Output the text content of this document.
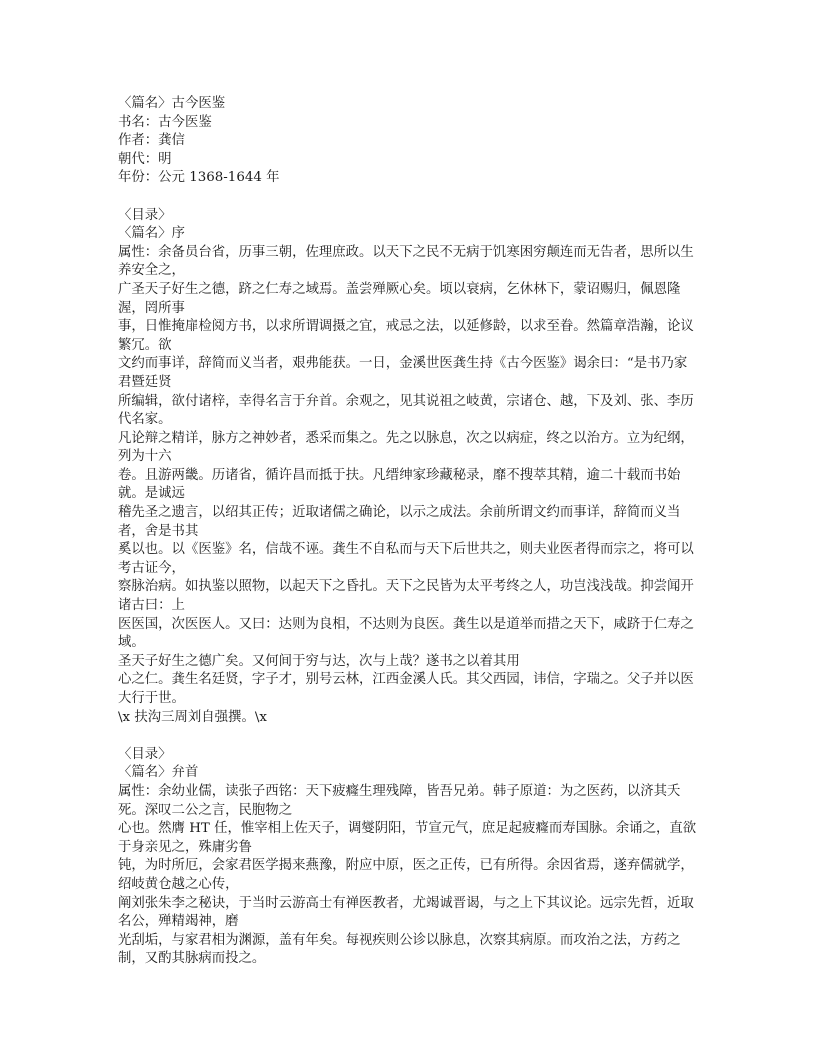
〈篇名〉古今医鉴
书名：古今医鉴
作者：龚信
朝代：明
年份：公元 1368-1644 年
〈目录〉
〈篇名〉序
属性：余备员台省，历事三朝，佐理庶政。以天下之民不无病于饥寒困穷颠连而无告者，思所以生养安全之，
广圣天子好生之德，跻之仁寿之域焉。盖尝殚厥心矣。顷以衰病，乞休林下，蒙诏赐归，佩恩隆渥，罔所事
事，日惟掩扉检阅方书，以求所谓调摄之宜，戒忌之法，以延修龄，以求至眷。然篇章浩瀚，论议繁冗。欲
文约而事详，辞简而义当者，艰弗能获。一日，金溪世医龚生持《古今医鉴》谒余曰：“是书乃家君暨廷贤
所编辑，欲付诸梓，幸得名言于弁首。余观之，见其说祖之岐黄，宗诸仓、越，下及刘、张、李历代名家。
凡论辩之精详，脉方之神妙者，悉采而集之。先之以脉息，次之以病症，终之以治方。立为纪纲，列为十六
卷。且游两畿。历诸省，循许昌而抵于扶。凡缙绅家珍藏秘录，靡不搜萃其精，逾二十载而书始就。是诚远
稽先圣之遗言，以绍其正传；近取诸儒之确论，以示之成法。余前所谓文约而事详，辞简而义当者，舍是书其
奚以也。以《医鉴》名，信哉不诬。龚生不自私而与天下后世共之，则夫业医者得而宗之，将可以考古证今，
察脉治病。如执鉴以照物，以起天下之昏扎。天下之民皆为太平考终之人，功岂浅浅哉。抑尝闻开诸古曰：上
医医国，次医医人。又曰：达则为良相，不达则为良医。龚生以是道举而措之天下，咸跻于仁寿之域。
圣天子好生之德广矣。又何间于穷与达，次与上哉？遂书之以着其用
心之仁。龚生名廷贤，字子才，别号云林，江西金溪人氏。其父西园，讳信，字瑞之。父子并以医大行于世。
\x 扶沟三周刘自强撰。\x
〈目录〉
〈篇名〉弁首
属性：余幼业儒，读张子西铭：天下疲癃生理残障，皆吾兄弟。韩子原道：为之医药，以济其夭死。深叹二公之言，民胞物之
心也。然膺 HT 任，惟宰相上佐天子，调燮阴阳，节宣元气，庶足起疲癃而寿国脉。余诵之，直欲于身亲见之，殊庸劣鲁
钝，为时所厄，会家君医学揭来燕豫，附应中原，医之正传，已有所得。余因省焉，遂弃儒就学，绍岐黄仓越之心传，
阐刘张朱李之秘诀，于当时云游高士有禅医教者，尤竭诚晋谒，与之上下其议论。远宗先哲，近取名公，殚精竭神，磨
光刮垢，与家君相为渊源，盖有年矣。每视疾则公诊以脉息，次察其病原。而攻治之法，方药之制，又酌其脉病而投之。
